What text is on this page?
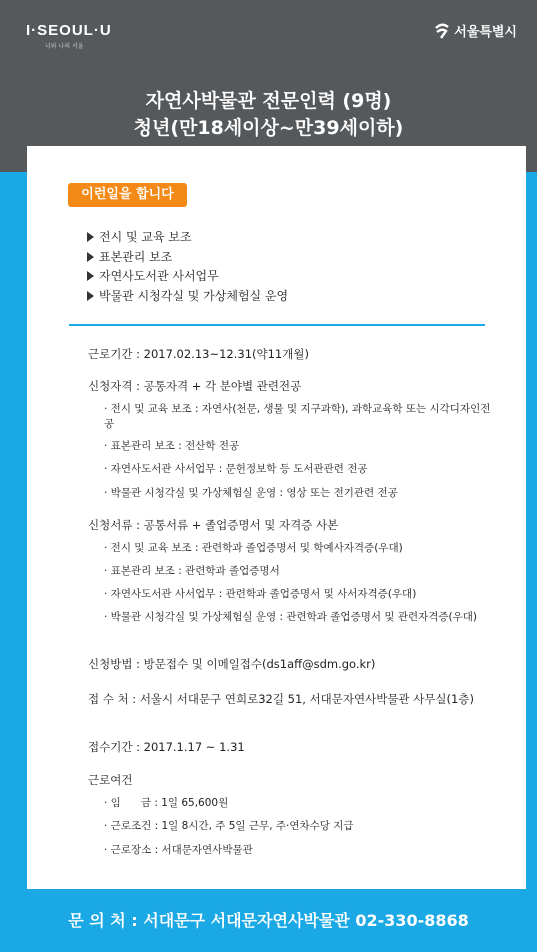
I·SEOUL·U
너와 나의 서울
서울특별시
자연사박물관 전문인력 (9명)
청년(만18세이상~만39세이하)
이런일을 합니다
전시 및 교육 보조
표본관리 보조
자연사도서관 사서업무
박물관 시청각실 및 가상체험실 운영
근로기간 : 2017.02.13~12.31(약11개월)
신청자격 : 공통자격 + 각 분야별 관련전공
· 전시 및 교육 보조 : 자연사(천문, 생물 및 지구과학), 과학교육학 또는 시각디자인전공
· 표본관리 보조 : 전산학 전공
· 자연사도서관 사서업무 : 문헌정보학 등 도서관관련 전공
· 박물관 시청각실 및 가상체험실 운영 : 영상 또는 전기관련 전공
신청서류 : 공통서류 + 졸업증명서 및 자격증 사본
· 전시 및 교육 보조 : 관련학과 졸업증명서 및 학예사자격증(우대)
· 표본관리 보조 : 관련학과 졸업증명서
· 자연사도서관 사서업무 : 관련학과 졸업증명서 및 사서자격증(우대)
· 박물관 시청각실 및 가상체험실 운영 : 관련학과 졸업증명서 및 관련자격증(우대)
신청방법 : 방문접수 및 이메일접수(ds1aff@sdm.go.kr)
접 수 처 : 서울시 서대문구 연희로32길 51, 서대문자연사박물관 사무실(1층)
접수기간 : 2017.1.17 ~ 1.31
근로여건
· 임      금 : 1일 65,600원
· 근로조건 : 1일 8시간, 주 5일 근무, 주·연차수당 지급
· 근로장소 : 서대문자연사박물관
문 의 처 : 서대문구 서대문자연사박물관 02-330-8868
